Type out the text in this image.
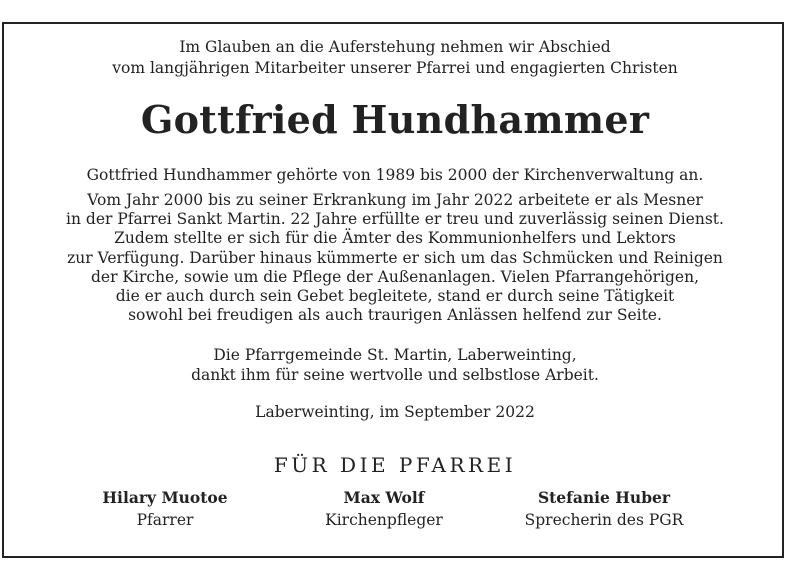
Im Glauben an die Auferstehung nehmen wir Abschied
vom langjährigen Mitarbeiter unserer Pfarrei und engagierten Christen
Gottfried Hundhammer
Gottfried Hundhammer gehörte von 1989 bis 2000 der Kirchenverwaltung an.
Vom Jahr 2000 bis zu seiner Erkrankung im Jahr 2022 arbeitete er als Mesner
in der Pfarrei Sankt Martin. 22 Jahre erfüllte er treu und zuverlässig seinen Dienst.
Zudem stellte er sich für die Ämter des Kommunionhelfers und Lektors
zur Verfügung. Darüber hinaus kümmerte er sich um das Schmücken und Reinigen
der Kirche, sowie um die Pflege der Außenanlagen. Vielen Pfarrangehörigen,
die er auch durch sein Gebet begleitete, stand er durch seine Tätigkeit
sowohl bei freudigen als auch traurigen Anlässen helfend zur Seite.
Die Pfarrgemeinde St. Martin, Laberweinting,
dankt ihm für seine wertvolle und selbstlose Arbeit.
Laberweinting, im September 2022
FÜR DIE PFARREI
Hilary Muotoe
Pfarrer
Max Wolf
Kirchenpfleger
Stefanie Huber
Sprecherin des PGR
